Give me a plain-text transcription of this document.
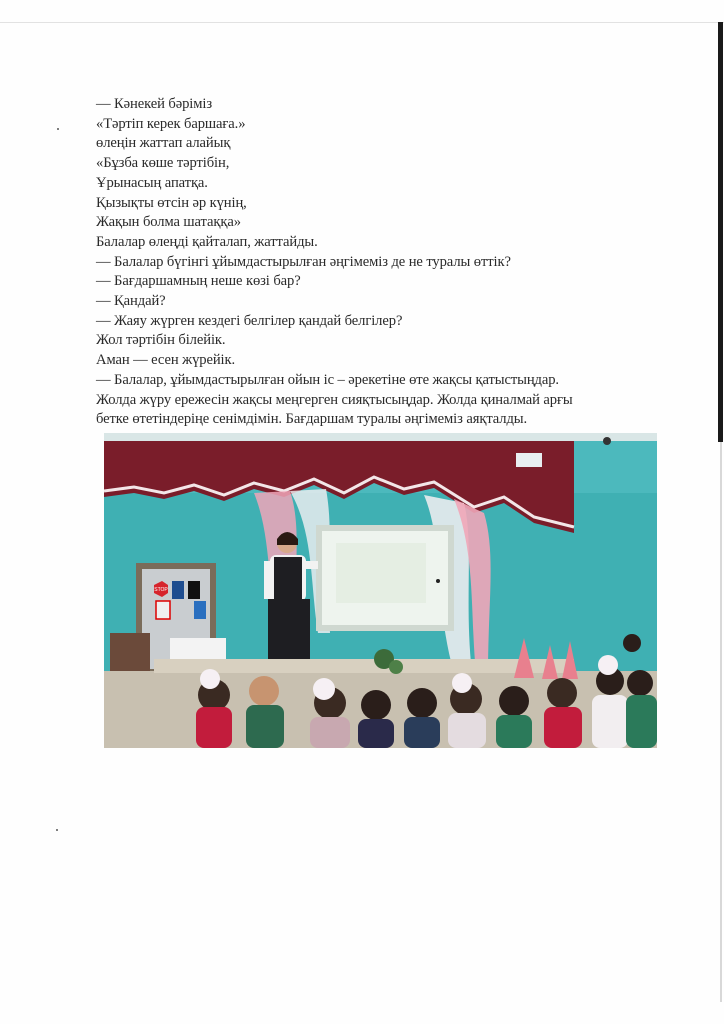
— Кәнекей бәріміз
«Тәртіп керек баршаға.»
өлеңін жаттап алайық
«Бұзба көше тәртібін,
Ұрынасың апатқа.
Қызықты өтсін әр күнің,
Жақын болма шатаққа»
Балалар өлеңді қайталап, жаттайды.
— Балалар бүгінгі ұйымдастырылған әңгімеміз де не туралы өттік?
— Бағдаршамның неше көзі бар?
— Қандай?
— Жаяу жүрген кездегі белгілер қандай белгілер?
Жол тәртібін білейік.
Аман — есен жүрейік.
— Балалар, ұйымдастырылған ойын іс – әрекетіне өте жақсы қатыстыңдар.
Жолда жүру ережесін жақсы меңгерген сияқтысыңдар. Жолда қиналмай арғы
бетке өтетіндеріңе сенімдімін. Бағдаршам туралы әңгімеміз аяқталды.
STOP
